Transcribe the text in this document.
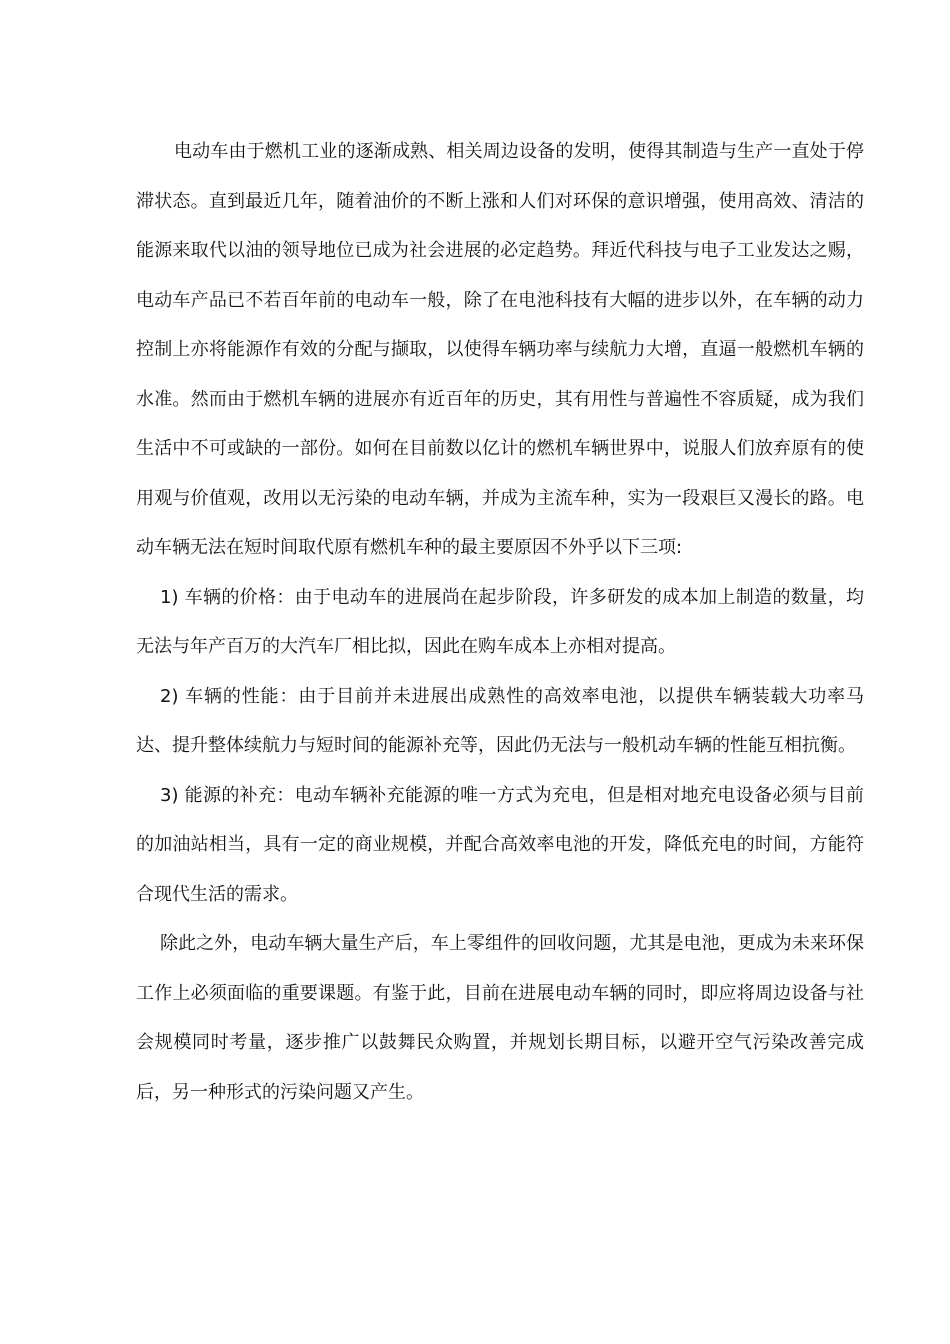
电动车由于燃机工业的逐渐成熟、相关周边设备的发明，使得其制造与生产一直处于停滞状态。直到最近几年，随着油价的不断上涨和人们对环保的意识增强，使用高效、清洁的能源来取代以油的领导地位已成为社会进展的必定趋势。拜近代科技与电子工业发达之赐，电动车产品已不若百年前的电动车一般，除了在电池科技有大幅的进步以外，在车辆的动力控制上亦将能源作有效的分配与撷取，以使得车辆功率与续航力大增，直逼一般燃机车辆的水准。然而由于燃机车辆的进展亦有近百年的历史，其有用性与普遍性不容质疑，成为我们生活中不可或缺的一部份。如何在目前数以亿计的燃机车辆世界中，说服人们放弃原有的使用观与价值观，改用以无污染的电动车辆，并成为主流车种，实为一段艰巨又漫长的路。电动车辆无法在短时间取代原有燃机车种的最主要原因不外乎以下三项:

1) 车辆的价格：由于电动车的进展尚在起步阶段，许多研发的成本加上制造的数量，均无法与年产百万的大汽车厂相比拟，因此在购车成本上亦相对提高。

2) 车辆的性能：由于目前并未进展出成熟性的高效率电池，以提供车辆装载大功率马达、提升整体续航力与短时间的能源补充等，因此仍无法与一般机动车辆的性能互相抗衡。

3) 能源的补充：电动车辆补充能源的唯一方式为充电，但是相对地充电设备必须与目前的加油站相当，具有一定的商业规模，并配合高效率电池的开发，降低充电的时间，方能符合现代生活的需求。

除此之外，电动车辆大量生产后，车上零组件的回收问题，尤其是电池，更成为未来环保工作上必须面临的重要课题。有鉴于此，目前在进展电动车辆的同时，即应将周边设备与社会规模同时考量，逐步推广以鼓舞民众购置，并规划长期目标，以避开空气污染改善完成后，另一种形式的污染问题又产生。
